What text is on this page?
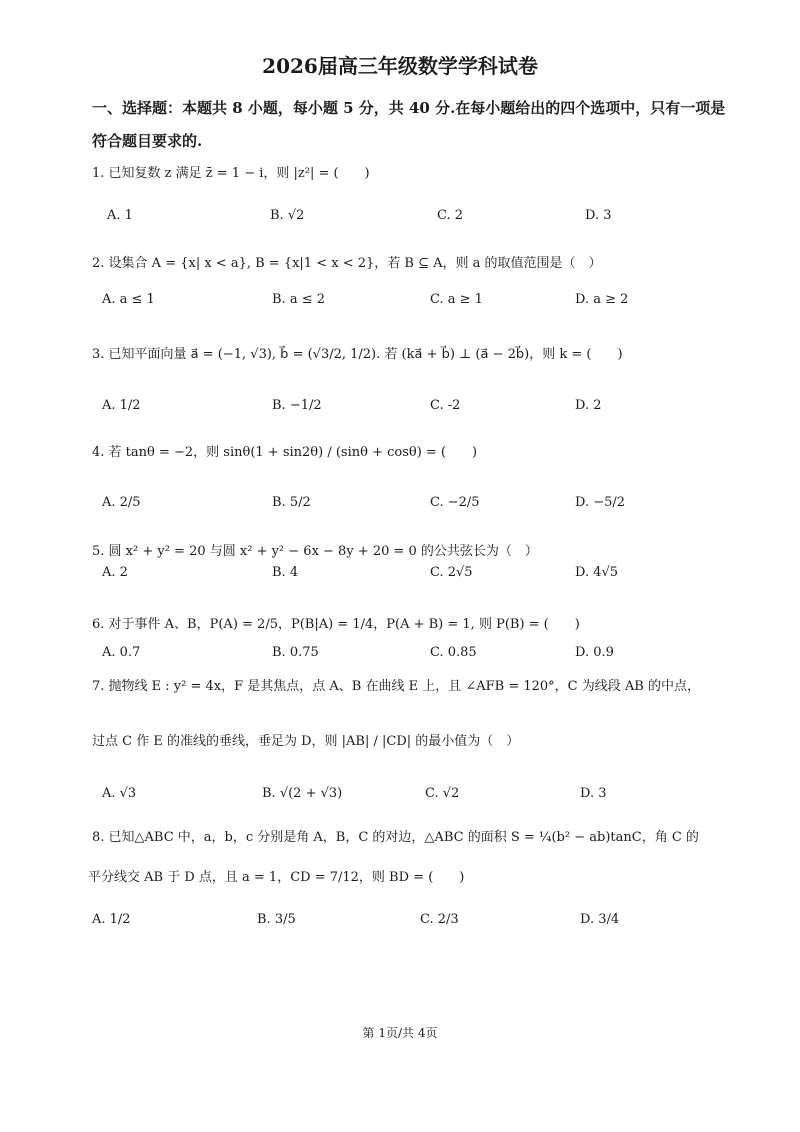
2026届高三年级数学学科试卷
一、选择题：本题共 8 小题，每小题 5 分，共 40 分.在每小题给出的四个选项中，只有一项是符合题目要求的.
1. 已知复数 z 满足 z̄ = 1 − i，则 |z²| = (　　)
A. 1	B. √2	C. 2	D. 3
2. 设集合 A = {x| x < a}, B = {x|1 < x < 2}，若 B ⊆ A，则 a 的取值范围是（　）
A. a ≤ 1	B. a ≤ 2	C. a ≥ 1	D. a ≥ 2
3. 已知平面向量 a⃗ = (−1, √3), b⃗ = (√3/2, 1/2). 若 (ka⃗ + b⃗) ⊥ (a⃗ − 2b⃗)，则 k = (　　)
A. 1/2	B. −1/2	C. -2	D. 2
4. 若 tanθ = −2，则 sinθ(1 + sin2θ) / (sinθ + cosθ) = (　　)
A. 2/5	B. 5/2	C. −2/5	D. −5/2
5. 圆 x² + y² = 20 与圆 x² + y² − 6x − 8y + 20 = 0 的公共弦长为（　）
A. 2	B. 4	C. 2√5	D. 4√5
6. 对于事件 A、B，P(A) = 2/5，P(B|A) = 1/4，P(A + B) = 1, 则 P(B) = (　　)
A. 0.7	B. 0.75	C. 0.85	D. 0.9
7. 抛物线 E : y² = 4x，F 是其焦点，点 A、B 在曲线 E 上，且 ∠AFB = 120°，C 为线段 AB 的中点，
过点 C 作 E 的准线的垂线，垂足为 D，则 |AB| / |CD| 的最小值为（　）
A. √3	B. √(2 + √3)	C. √2	D. 3
8. 已知△ABC 中，a，b，c 分别是角 A，B，C 的对边，△ABC 的面积 S = ¼(b² − ab)tanC，角 C 的
平分线交 AB 于 D 点，且 a = 1，CD = 7/12，则 BD = (　　)
A. 1/2	B. 3/5	C. 2/3	D. 3/4
第 1页/共 4页
